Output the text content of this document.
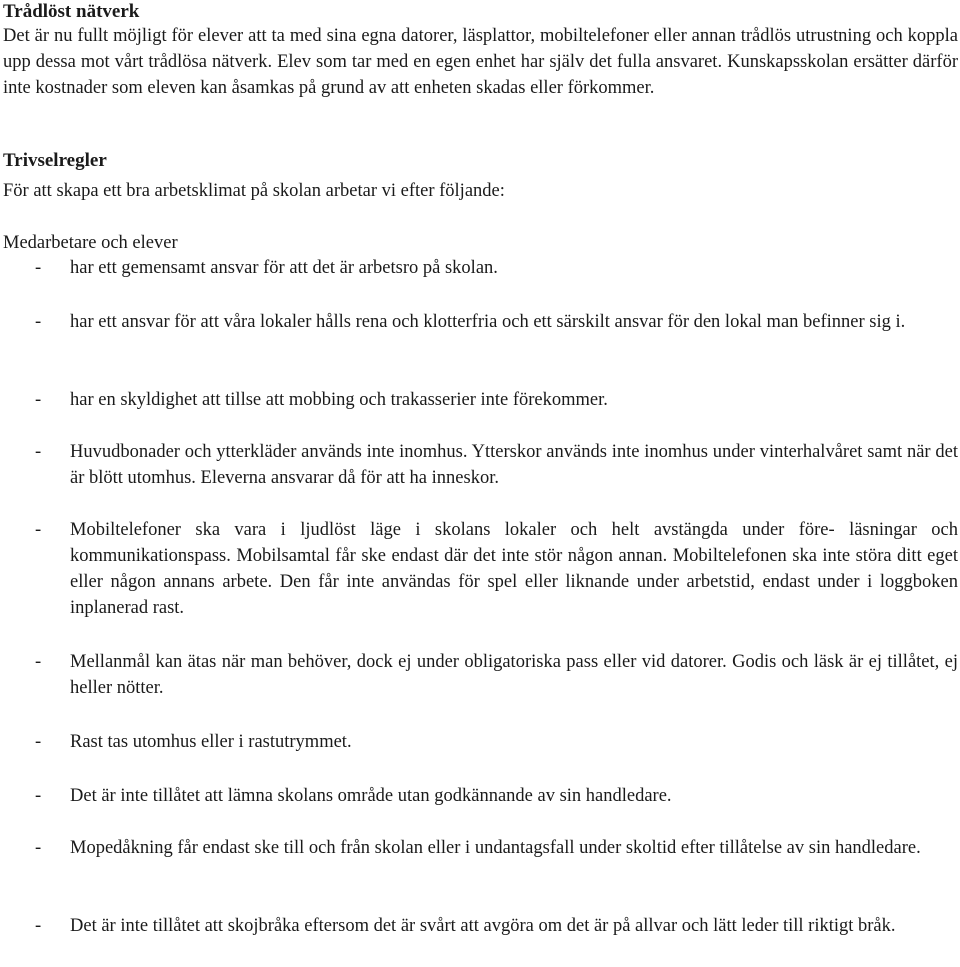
Trådlöst nätverk

Det är nu fullt möjligt för elever att ta med sina egna datorer, läsplattor, mobiltelefoner eller annan trådlös utrustning och koppla upp dessa mot vårt trådlösa nätverk. Elev som tar med en egen enhet har själv det fulla ansvaret. Kunskapsskolan ersätter därför inte kostnader som eleven kan åsamkas på grund av att enheten skadas eller förkommer.

Trivselregler

För att skapa ett bra arbetsklimat på skolan arbetar vi efter följande:

Medarbetare och elever

- har ett gemensamt ansvar för att det är arbetsro på skolan.
- har ett ansvar för att våra lokaler hålls rena och klotterfria och ett särskilt ansvar för den lokal man befinner sig i.
- har en skyldighet att tillse att mobbing och trakasserier inte förekommer.
- Huvudbonader och ytterkläder används inte inomhus. Ytterskor används inte inomhus under vinterhalvåret samt när det är blött utomhus. Eleverna ansvarar då för att ha inneskor.
- Mobiltelefoner ska vara i ljudlöst läge i skolans lokaler och helt avstängda under före- läsningar och kommunikationspass. Mobilsamtal får ske endast där det inte stör någon annan. Mobiltelefonen ska inte störa ditt eget eller någon annans arbete. Den får inte användas för spel eller liknande under arbetstid, endast under i loggboken inplanerad rast.
- Mellanmål kan ätas när man behöver, dock ej under obligatoriska pass eller vid datorer. Godis och läsk är ej tillåtet, ej heller nötter.
- Rast tas utomhus eller i rastutrymmet.
- Det är inte tillåtet att lämna skolans område utan godkännande av sin handledare.
- Mopedåkning får endast ske till och från skolan eller i undantagsfall under skoltid efter tillåtelse av sin handledare.
- Det är inte tillåtet att skojbråka eftersom det är svårt att avgöra om det är på allvar och lätt leder till riktigt bråk.
